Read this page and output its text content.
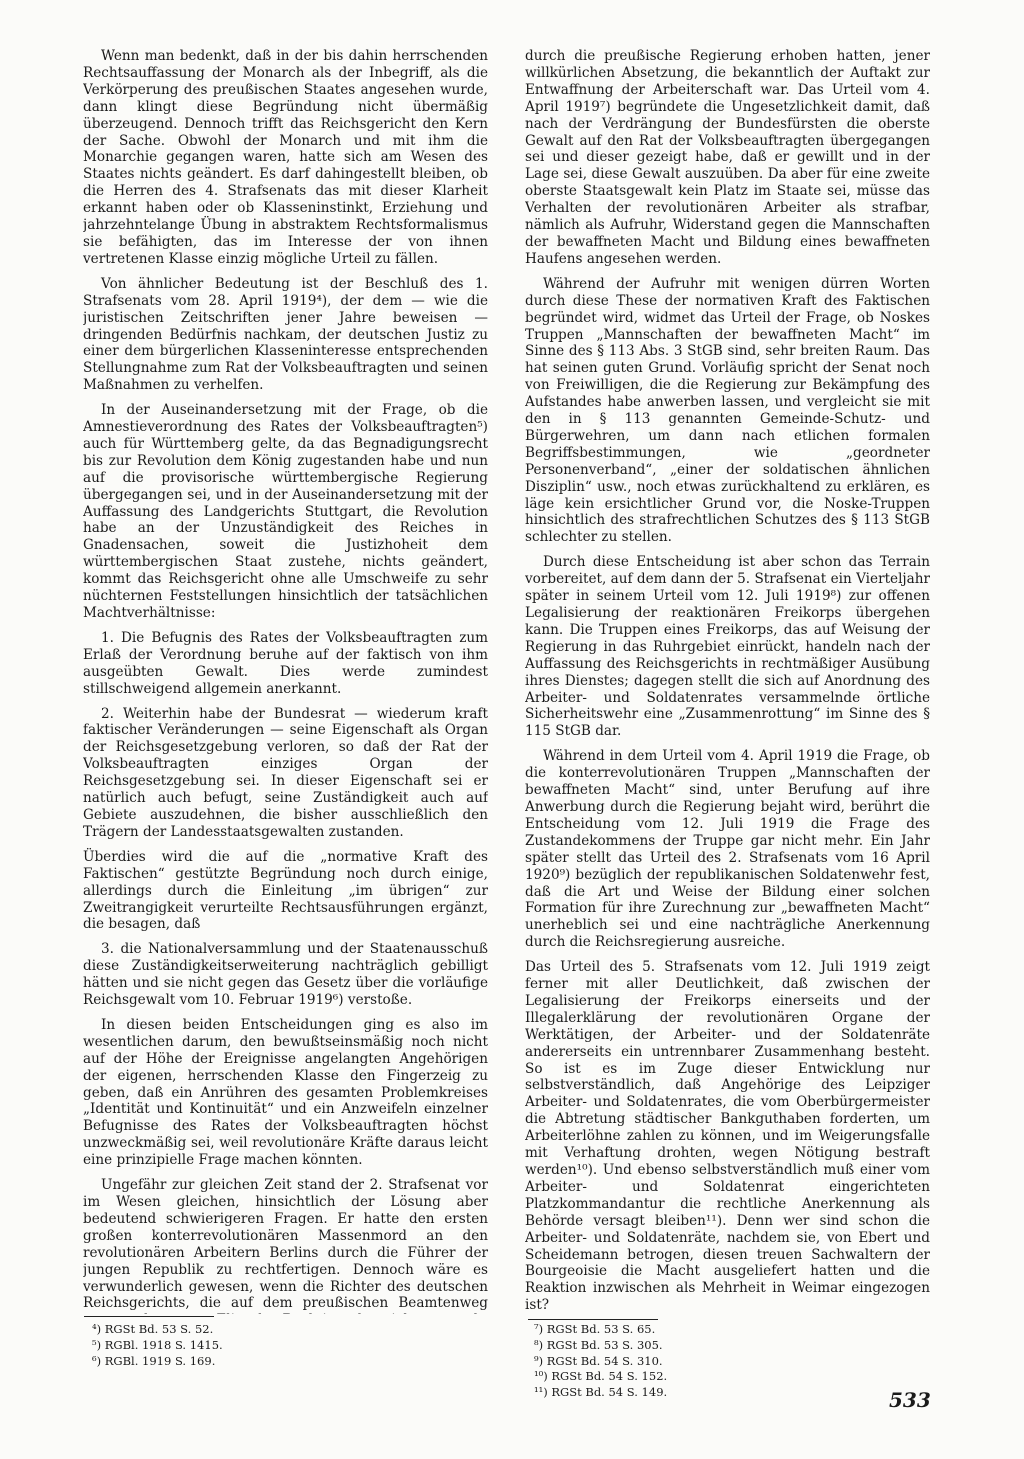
Wenn man bedenkt, daß in der bis dahin herrschenden Rechtsauffassung der Monarch als der Inbegriff, als die Verkörperung des preußischen Staates angesehen wurde, dann klingt diese Begründung nicht übermäßig überzeugend. Dennoch trifft das Reichsgericht den Kern der Sache. Obwohl der Monarch und mit ihm die Monarchie gegangen waren, hatte sich am Wesen des Staates nichts geändert. Es darf dahingestellt bleiben, ob die Herren des 4. Strafsenats das mit dieser Klarheit erkannt haben oder ob Klasseninstinkt, Erziehung und jahrzehntelange Übung in abstraktem Rechtsformalismus sie befähigten, das im Interesse der von ihnen vertretenen Klasse einzig mögliche Urteil zu fällen.

Von ähnlicher Bedeutung ist der Beschluß des 1. Strafsenats vom 28. April 1919⁴), der dem — wie die juristischen Zeitschriften jener Jahre beweisen — dringenden Bedürfnis nachkam, der deutschen Justiz zu einer dem bürgerlichen Klasseninteresse entsprechenden Stellungnahme zum Rat der Volksbeauftragten und seinen Maßnahmen zu verhelfen.

In der Auseinandersetzung mit der Frage, ob die Amnestieverordnung des Rates der Volksbeauftragten⁵) auch für Württemberg gelte, da das Begnadigungsrecht bis zur Revolution dem König zugestanden habe und nun auf die provisorische württembergische Regierung übergegangen sei, und in der Auseinandersetzung mit der Auffassung des Landgerichts Stuttgart, die Revolution habe an der Unzuständigkeit des Reiches in Gnadensachen, soweit die Justizhoheit dem württembergischen Staat zustehe, nichts geändert, kommt das Reichsgericht ohne alle Umschweife zu sehr nüchternen Feststellungen hinsichtlich der tatsächlichen Machtverhältnisse:

1. Die Befugnis des Rates der Volksbeauftragten zum Erlaß der Verordnung beruhe auf der faktisch von ihm ausgeübten Gewalt. Dies werde zumindest stillschweigend allgemein anerkannt.

2. Weiterhin habe der Bundesrat — wiederum kraft faktischer Veränderungen — seine Eigenschaft als Organ der Reichsgesetzgebung verloren, so daß der Rat der Volksbeauftragten einziges Organ der Reichsgesetzgebung sei. In dieser Eigenschaft sei er natürlich auch befugt, seine Zuständigkeit auch auf Gebiete auszudehnen, die bisher ausschließlich den Trägern der Landesstaatsgewalten zustanden.

Überdies wird die auf die „normative Kraft des Faktischen“ gestützte Begründung noch durch einige, allerdings durch die Einleitung „im übrigen“ zur Zweitrangigkeit verurteilte Rechtsausführungen ergänzt, die besagen, daß

3. die Nationalversammlung und der Staatenausschuß diese Zuständigkeitserweiterung nachträglich gebilligt hätten und sie nicht gegen das Gesetz über die vorläufige Reichsgewalt vom 10. Februar 1919⁶) verstoße.

In diesen beiden Entscheidungen ging es also im wesentlichen darum, den bewußtseinsmäßig noch nicht auf der Höhe der Ereignisse angelangten Angehörigen der eigenen, herrschenden Klasse den Fingerzeig zu geben, daß ein Anrühren des gesamten Problemkreises „Identität und Kontinuität“ und ein Anzweifeln einzelner Befugnisse des Rates der Volksbeauftragten höchst unzweckmäßig sei, weil revolutionäre Kräfte daraus leicht eine prinzipielle Frage machen könnten.

Ungefähr zur gleichen Zeit stand der 2. Strafsenat vor im Wesen gleichen, hinsichtlich der Lösung aber bedeutend schwierigeren Fragen. Er hatte den ersten großen konterrevolutionären Massenmord an den revolutionären Arbeitern Berlins durch die Führer der jungen Republik zu rechtfertigen. Dennoch wäre es verwunderlich gewesen, wenn die Richter des deutschen Reichsgerichts, die auf dem preußischen Beamtenweg

durch die preußische Regierung erhoben hatten, jener willkürlichen Absetzung, die bekanntlich der Auftakt zur Entwaffnung der Arbeiterschaft war. Das Urteil vom 4. April 1919⁷) begründete die Ungesetzlichkeit damit, daß nach der Verdrängung der Bundesfürsten die oberste Gewalt auf den Rat der Volksbeauftragten übergegangen sei und dieser gezeigt habe, daß er gewillt und in der Lage sei, diese Gewalt auszuüben. Da aber für eine zweite oberste Staatsgewalt kein Platz im Staate sei, müsse das Verhalten der revolutionären Arbeiter als strafbar, nämlich als Aufruhr, Widerstand gegen die Mannschaften der bewaffneten Macht und Bildung eines bewaffneten Haufens angesehen werden.

Während der Aufruhr mit wenigen dürren Worten durch diese These der normativen Kraft des Faktischen begründet wird, widmet das Urteil der Frage, ob Noskes Truppen „Mannschaften der bewaffneten Macht“ im Sinne des § 113 Abs. 3 StGB sind, sehr breiten Raum. Das hat seinen guten Grund. Vorläufig spricht der Senat noch von Freiwilligen, die die Regierung zur Bekämpfung des Aufstandes habe anwerben lassen, und vergleicht sie mit den in § 113 genannten Gemeinde-Schutz- und Bürgerwehren, um dann nach etlichen formalen Begriffsbestimmungen, wie „geordneter Personenverband“, „einer der soldatischen ähnlichen Disziplin“ usw., noch etwas zurückhaltend zu erklären, es läge kein ersichtlicher Grund vor, die Noske-Truppen hinsichtlich des strafrechtlichen Schutzes des § 113 StGB schlechter zu stellen.

Durch diese Entscheidung ist aber schon das Terrain vorbereitet, auf dem dann der 5. Strafsenat ein Vierteljahr später in seinem Urteil vom 12. Juli 1919⁸) zur offenen Legalisierung der reaktionären Freikorps übergehen kann. Die Truppen eines Freikorps, das auf Weisung der Regierung in das Ruhrgebiet einrückt, handeln nach der Auffassung des Reichsgerichts in rechtmäßiger Ausübung ihres Dienstes; dagegen stellt die sich auf Anordnung des Arbeiter- und Soldatenrates versammelnde örtliche Sicherheitswehr eine „Zusammenrottung“ im Sinne des § 115 StGB dar.

Während in dem Urteil vom 4. April 1919 die Frage, ob die konterrevolutionären Truppen „Mannschaften der bewaffneten Macht“ sind, unter Berufung auf ihre Anwerbung durch die Regierung bejaht wird, berührt die Entscheidung vom 12. Juli 1919 die Frage des Zustandekommens der Truppe gar nicht mehr. Ein Jahr später stellt das Urteil des 2. Strafsenats vom 16 April 1920⁹) bezüglich der republikanischen Soldatenwehr fest, daß die Art und Weise der Bildung einer solchen Formation für ihre Zurechnung zur „bewaffneten Macht“ unerheblich sei und eine nachträgliche Anerkennung durch die Reichsregierung ausreiche.

Das Urteil des 5. Strafsenats vom 12. Juli 1919 zeigt ferner mit aller Deutlichkeit, daß zwischen der Legalisierung der Freikorps einerseits und der Illegalerklärung der revolutionären Organe der Werktätigen, der Arbeiter- und der Soldatenräte andererseits ein untrennbarer Zusammenhang besteht. So ist es im Zuge dieser Entwicklung nur selbstverständlich, daß Angehörige des Leipziger Arbeiter- und Soldatenrates, die vom Oberbürgermeister die Abtretung städtischer Bankguthaben forderten, um Arbeiterlöhne zahlen zu können, und im Weigerungsfalle mit Verhaftung drohten, wegen Nötigung bestraft werden¹⁰). Und ebenso selbstverständlich muß einer vom Arbeiter- und Soldatenrat eingerichteten Platzkommandantur die rechtliche Anerkennung als Behörde versagt bleiben¹¹). Denn wer sind schon die Arbeiter- und Soldatenräte, nachdem sie, von Ebert und Scheidemann betrogen, diesen treuen Sachwaltern der Bourgeoisie die Macht ausgeliefert hatten und die Reaktion inzwischen als Mehrheit in Weimar eingezogen ist?

⁴) RGSt Bd. 53 S. 52.
⁵) RGBl. 1918 S. 1415.
⁶) RGBl. 1919 S. 169.
⁷) RGSt Bd. 53 S. 65.
⁸) RGSt Bd. 53 S. 305.
⁹) RGSt Bd. 54 S. 310.
¹⁰) RGSt Bd. 54 S. 152.
¹¹) RGSt Bd. 54 S. 149.	533
